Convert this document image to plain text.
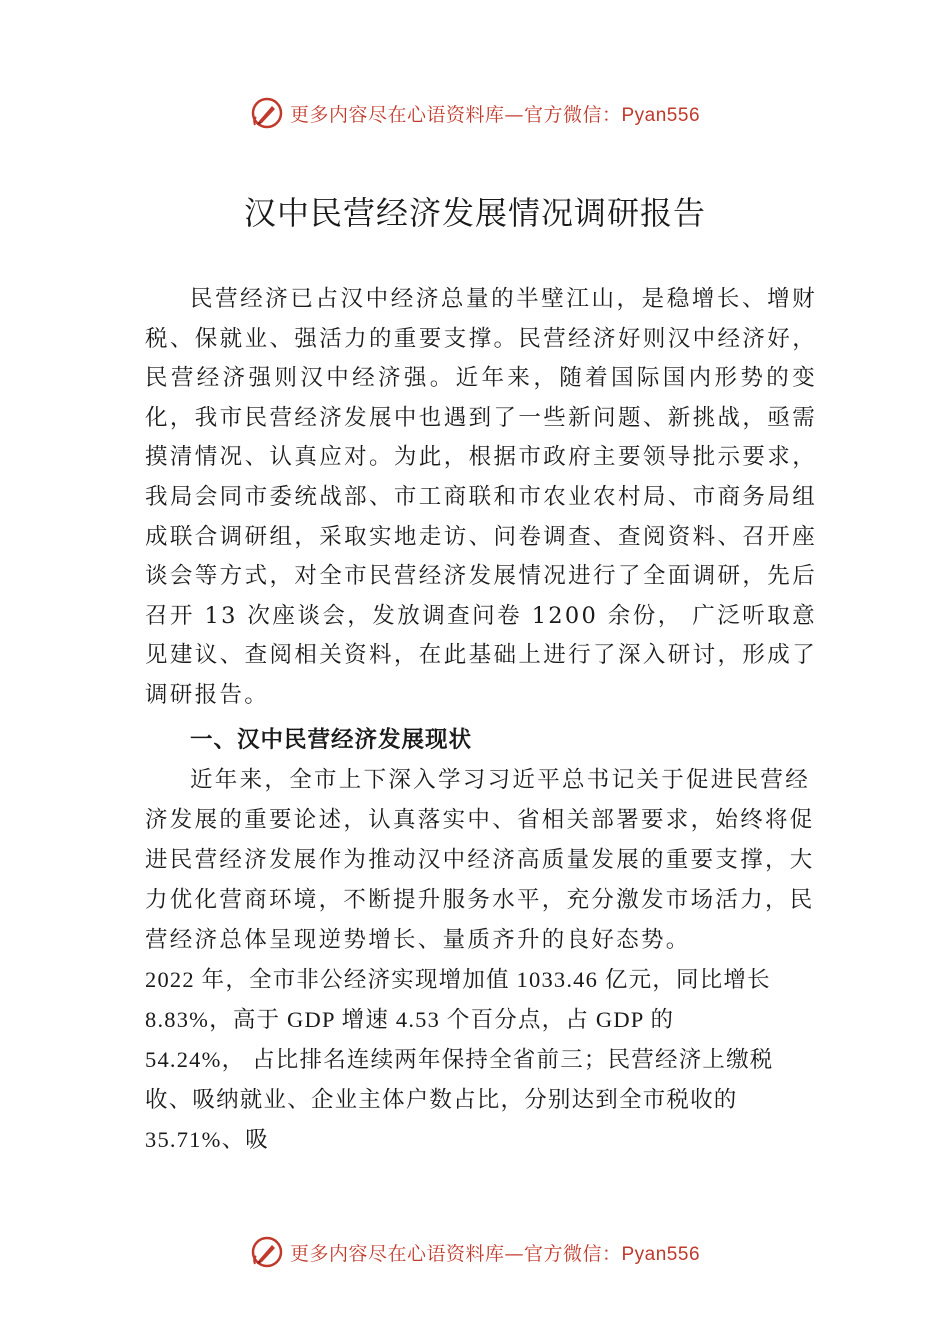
更多内容尽在心语资料库—官方微信：Pyan556
汉中民营经济发展情况调研报告

民营经济已占汉中经济总量的半壁江山，是稳增长、增财税、保就业、强活力的重要支撑。民营经济好则汉中经济好，民营经济强则汉中经济强。近年来，随着国际国内形势的变化，我市民营经济发展中也遇到了一些新问题、新挑战，亟需摸清情况、认真应对。为此，根据市政府主要领导批示要求，我局会同市委统战部、市工商联和市农业农村局、市商务局组成联合调研组，采取实地走访、问卷调查、查阅资料、召开座谈会等方式，对全市民营经济发展情况进行了全面调研，先后召开 13 次座谈会，发放调查问卷 1200 余份， 广泛听取意见建议、查阅相关资料，在此基础上进行了深入研讨，形成了调研报告。

一、汉中民营经济发展现状

近年来，全市上下深入学习习近平总书记关于促进民营经济发展的重要论述，认真落实中、省相关部署要求，始终将促进民营经济发展作为推动汉中经济高质量发展的重要支撑，大力优化营商环境，不断提升服务水平，充分激发市场活力，民营经济总体呈现逆势增长、量质齐升的良好态势。

2022 年，全市非公经济实现增加值 1033.46 亿元，同比增长
8.83%，高于 GDP 增速 4.53 个百分点，占 GDP 的
54.24%， 占比排名连续两年保持全省前三；民营经济上缴税
收、吸纳就业、企业主体户数占比，分别达到全市税收的
35.71%、吸
更多内容尽在心语资料库—官方微信：Pyan556
